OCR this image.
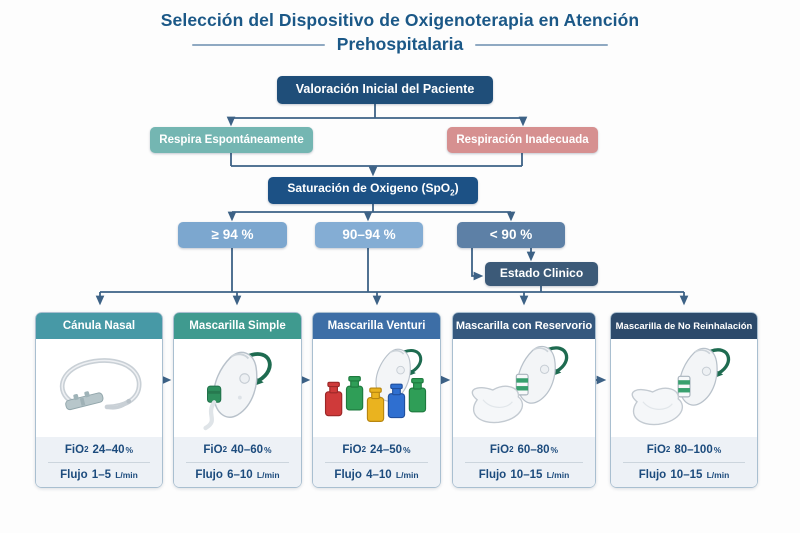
Selección del Dispositivo de Oxigenoterapia en Atención
Prehospitalaria
Valoración Inicial del Paciente
Respira Espontáneamente	Respiración Inadecuada
Saturación de Oxigeno (SpO$_2$)
≥ 94 %	90–94 %	< 90 %
Estado Clinico
Cánula Nasal
FiO 2 24–40 %
Flujo
1–5
L/min
Mascarilla Simple
FiO 2 40–60 %
Flujo
6–10
L/min
Mascarilla Venturi
FiO 2 24–50 %
Flujo
4–10
L/min
Mascarilla con Reservorio
FiO 2 60–80 %
Flujo
10–15
L/min
Mascarilla de No Reinhalación
FiO 2 80–100 %
Flujo
10–15
L/min
